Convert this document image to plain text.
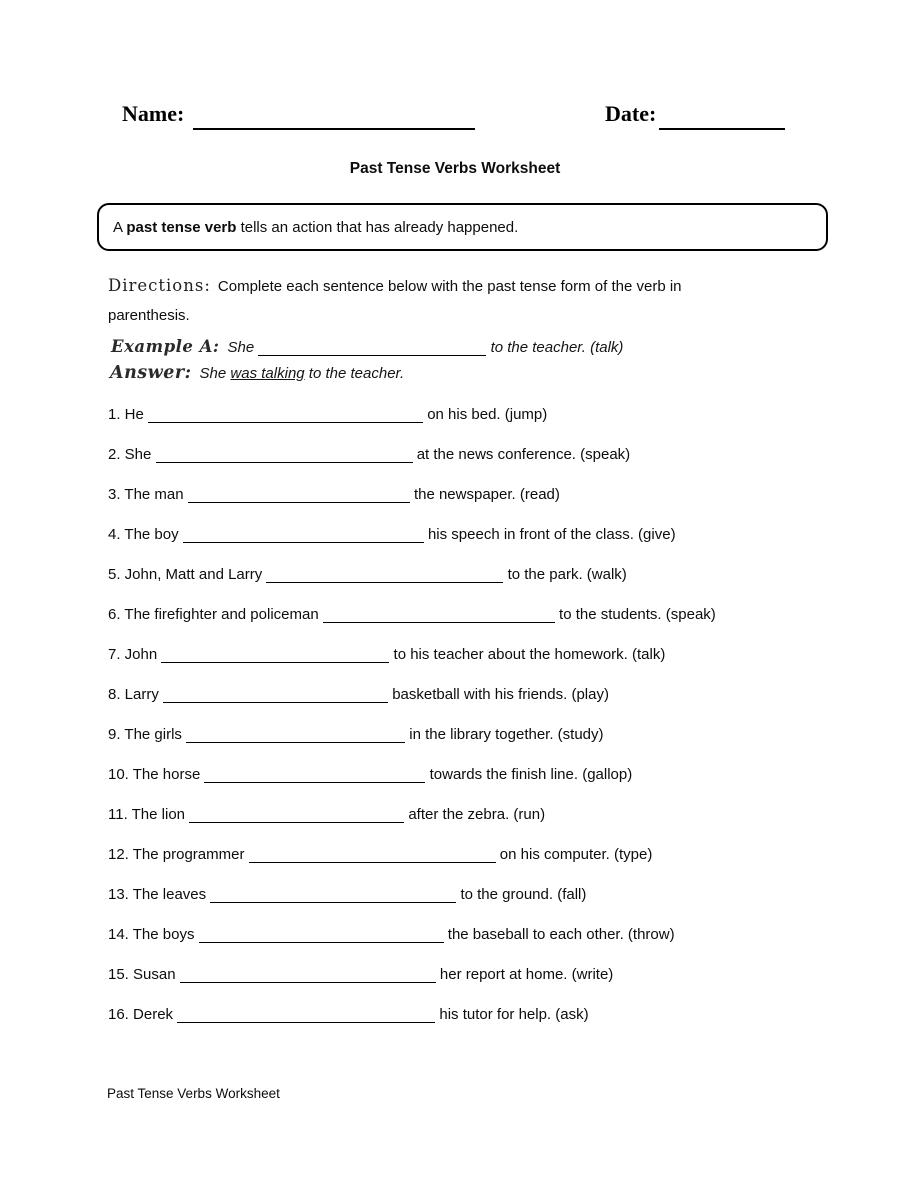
Name:	Date:
Past Tense Verbs Worksheet

A past tense verb tells an action that has already happened.

Directions: Complete each sentence below with the past tense form of the verb in parenthesis.

Example A: She	to the teacher. (talk)
Answer: She was talking to the teacher.
1. He	on his bed. (jump)
2. She	at the news conference. (speak)
3. The man	the newspaper. (read)
4. The boy	his speech in front of the class. (give)
5. John, Matt and Larry	to the park. (walk)
6. The firefighter and policeman	to the students. (speak)
7. John	to his teacher about the homework. (talk)
8. Larry	basketball with his friends. (play)
9. The girls	in the library together. (study)
10. The horse	towards the finish line. (gallop)
11. The lion	after the zebra. (run)
12. The programmer	on his computer. (type)
13. The leaves	to the ground. (fall)
14. The boys	the baseball to each other. (throw)
15. Susan	her report at home. (write)
16. Derek	his tutor for help. (ask)
Past Tense Verbs Worksheet
